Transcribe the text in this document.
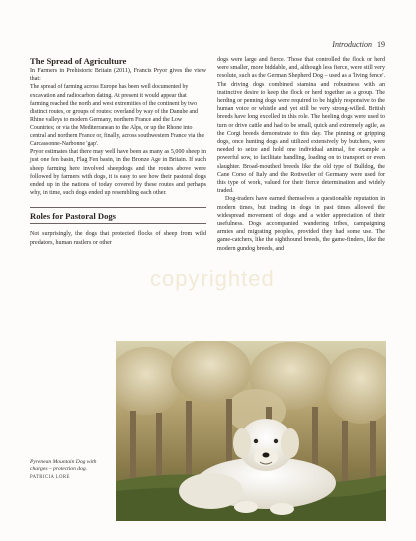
Introduction 19
The Spread of Agriculture

In Farmers in Prehistoric Britain (2011), Francis Pryor gives the view that:

The spread of farming across Europe has been well documented by excavation and radiocarbon dating. At present it would appear that farming reached the north and west extremities of the continent by two distinct routes, or groups of routes: overland by way of the Danube and Rhine valleys to modern Germany, northern France and the Low Countries; or via the Mediterranean to the Alps, or up the Rhone into central and northern France or, finally, across southwestern France via the Carcassonne-Narbonne 'gap'.

Pryor estimates that there may well have been as many as 5,000 sheep in just one fen basin, Flag Fen basin, in the Bronze Age in Britain. If such sheep farming here involved sheepdogs and the routes above were followed by farmers with dogs, it is easy to see how their pastoral dogs ended up in the nations of today covered by these routes and perhaps why, in time, such dogs ended up resembling each other.

Roles for Pastoral Dogs

Not surprisingly, the dogs that protected flocks of sheep from wild predators, human rustlers or other

dogs were large and fierce. Those that controlled the flock or herd were smaller, more biddable, and, although less fierce, were still very resolute, such as the German Shepherd Dog – used as a 'living fence'. The driving dogs combined stamina and robustness with an instinctive desire to keep the flock or herd together as a group. The herding or penning dogs were required to be highly responsive to the human voice or whistle and yet still be very strong-willed. British breeds have long excelled in this role. The heeling dogs were used to turn or drive cattle and had to be small, quick and extremely agile, as the Corgi breeds demonstrate to this day. The pinning or gripping dogs, once hunting dogs and utilized extensively by butchers, were needed to seize and hold one individual animal, for example a powerful sow, to facilitate handling, loading on to transport or even slaughter. Broad-mouthed breeds like the old type of Bulldog, the Cane Corso of Italy and the Rottweiler of Germany were used for this type of work, valued for their fierce determination and widely traded.

Dog-traders have earned themselves a questionable reputation in modern times, but trading in dogs in past times allowed the widespread movement of dogs and a wider appreciation of their usefulness. Dogs accompanied wandering tribes, campaigning armies and migrating peoples, provided they had some use. The game-catchers, like the sighthound breeds, the game-finders, like the modern gundog breeds, and

copyrighted
Pyrenean Mountain Dog with charges – protection dog.
PATRICIA LORE
